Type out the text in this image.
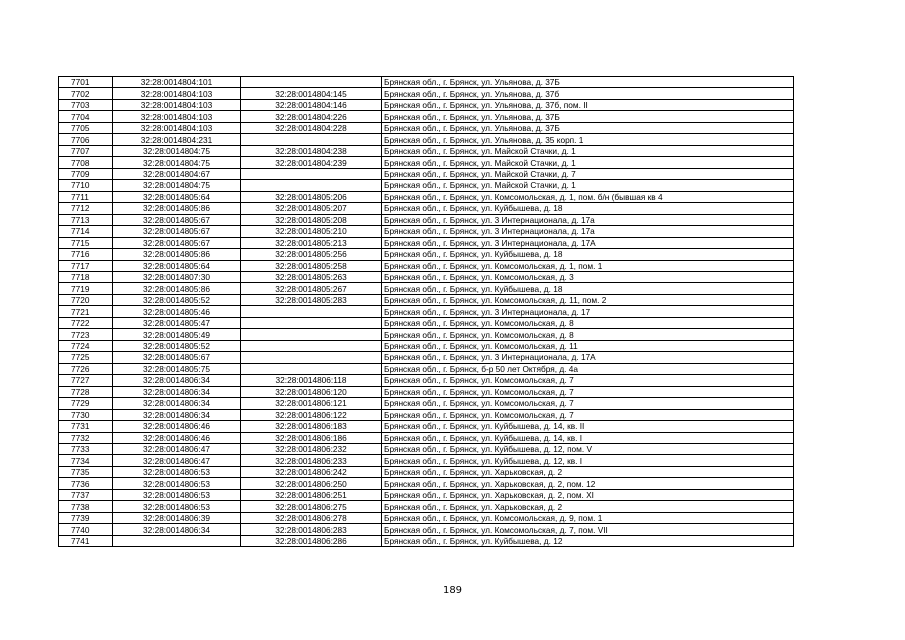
7701	32:28:0014804:101		Брянская обл., г. Брянск, ул. Ульянова, д. 37Б
7702	32:28:0014804:103	32:28:0014804:145	Брянская обл., г. Брянск, ул. Ульянова, д. 37б
7703	32:28:0014804:103	32:28:0014804:146	Брянская обл., г. Брянск, ул. Ульянова, д. 37б, пом. II
7704	32:28:0014804:103	32:28:0014804:226	Брянская обл., г. Брянск, ул. Ульянова, д. 37Б
7705	32:28:0014804:103	32:28:0014804:228	Брянская обл., г. Брянск, ул. Ульянова, д. 37Б
7706	32:28:0014804:231		Брянская обл., г. Брянск, ул. Ульянова, д. 35 корп. 1
7707	32:28:0014804:75	32:28:0014804:238	Брянская обл., г. Брянск, ул. Майской Стачки, д. 1
7708	32:28:0014804:75	32:28:0014804:239	Брянская обл., г. Брянск, ул. Майской Стачки, д. 1
7709	32:28:0014804:67		Брянская обл., г. Брянск, ул. Майской Стачки, д. 7
7710	32:28:0014804:75		Брянская обл., г. Брянск, ул. Майской Стачки, д. 1
7711	32:28:0014805:64	32:28:0014805:206	Брянская обл., г. Брянск, ул. Комсомольская, д. 1, пом. б/н (бывшая кв 4
7712	32:28:0014805:86	32:28:0014805:207	Брянская обл., г. Брянск, ул. Куйбышева, д. 18
7713	32:28:0014805:67	32:28:0014805:208	Брянская обл., г. Брянск, ул. 3 Интернационала, д. 17а
7714	32:28:0014805:67	32:28:0014805:210	Брянская обл., г. Брянск, ул. 3 Интернационала, д. 17а
7715	32:28:0014805:67	32:28:0014805:213	Брянская обл., г. Брянск, ул. 3 Интернационала, д. 17А
7716	32:28:0014805:86	32:28:0014805:256	Брянская обл., г. Брянск, ул. Куйбышева, д. 18
7717	32:28:0014805:64	32:28:0014805:258	Брянская обл., г. Брянск, ул. Комсомольская, д. 1, пом. 1
7718	32:28:0014807:30	32:28:0014805:263	Брянская обл., г. Брянск, ул. Комсомольская, д. 3
7719	32:28:0014805:86	32:28:0014805:267	Брянская обл., г. Брянск, ул. Куйбышева, д. 18
7720	32:28:0014805:52	32:28:0014805:283	Брянская обл., г. Брянск, ул. Комсомольская, д. 11, пом. 2
7721	32:28:0014805:46		Брянская обл., г. Брянск, ул. 3 Интернационала, д. 17
7722	32:28:0014805:47		Брянская обл., г. Брянск, ул. Комсомольская, д. 8
7723	32:28:0014805:49		Брянская обл., г. Брянск, ул. Комсомольская, д. 8
7724	32:28:0014805:52		Брянская обл., г. Брянск, ул. Комсомольская, д. 11
7725	32:28:0014805:67		Брянская обл., г. Брянск, ул. 3 Интернационала, д. 17А
7726	32:28:0014805:75		Брянская обл., г. Брянск, б-р 50 лет Октября, д. 4а
7727	32:28:0014806:34	32:28:0014806:118	Брянская обл., г. Брянск, ул. Комсомольская, д. 7
7728	32:28:0014806:34	32:28:0014806:120	Брянская обл., г. Брянск, ул. Комсомольская, д. 7
7729	32:28:0014806:34	32:28:0014806:121	Брянская обл., г. Брянск, ул. Комсомольская, д. 7
7730	32:28:0014806:34	32:28:0014806:122	Брянская обл., г. Брянск, ул. Комсомольская, д. 7
7731	32:28:0014806:46	32:28:0014806:183	Брянская обл., г. Брянск, ул. Куйбышева, д. 14, кв. II
7732	32:28:0014806:46	32:28:0014806:186	Брянская обл., г. Брянск, ул. Куйбышева, д. 14, кв. I
7733	32:28:0014806:47	32:28:0014806:232	Брянская обл., г. Брянск, ул. Куйбышева, д. 12, пом. V
7734	32:28:0014806:47	32:28:0014806:233	Брянская обл., г. Брянск, ул. Куйбышева, д. 12, кв. I
7735	32:28:0014806:53	32:28:0014806:242	Брянская обл., г. Брянск, ул. Харьковская, д. 2
7736	32:28:0014806:53	32:28:0014806:250	Брянская обл., г. Брянск, ул. Харьковская, д. 2, пом. 12
7737	32:28:0014806:53	32:28:0014806:251	Брянская обл., г. Брянск, ул. Харьковская, д. 2, пом. XI
7738	32:28:0014806:53	32:28:0014806:275	Брянская обл., г. Брянск, ул. Харьковская, д. 2
7739	32:28:0014806:39	32:28:0014806:278	Брянская обл., г. Брянск, ул. Комсомольская, д. 9, пом. 1
7740	32:28:0014806:34	32:28:0014806:283	Брянская обл., г. Брянск, ул. Комсомольская, д. 7, пом. VII
7741		32:28:0014806:286	Брянская обл., г. Брянск, ул. Куйбышева, д. 12
189
